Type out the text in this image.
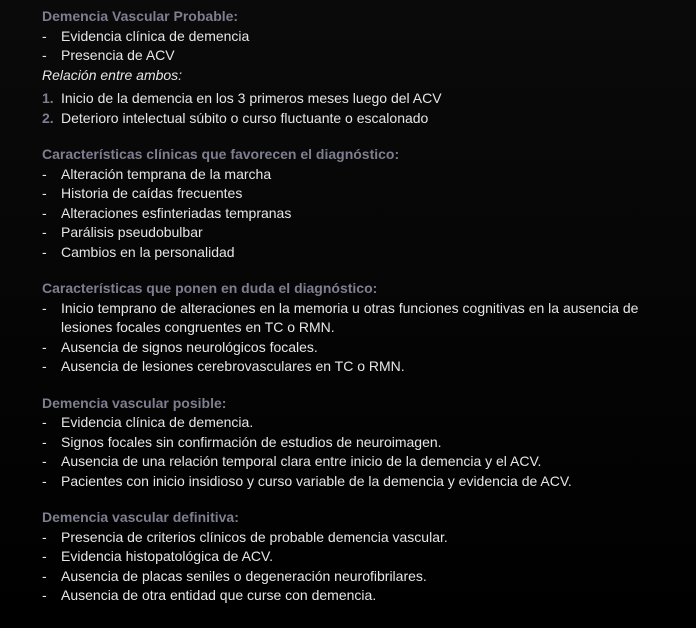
Demencia Vascular Probable:
- Evidencia clínica de demencia
- Presencia de ACV
Relación entre ambos:
1. Inicio de la demencia en los 3 primeros meses luego del ACV
2. Deterioro intelectual súbito o curso fluctuante o escalonado
Características clínicas que favorecen el diagnóstico:
- Alteración temprana de la marcha
- Historia de caídas frecuentes
- Alteraciones esfinteriadas tempranas
- Parálisis pseudobulbar
- Cambios en la personalidad
Características que ponen en duda el diagnóstico:
- Inicio temprano de alteraciones en la memoria u otras funciones cognitivas en la ausencia de lesiones focales congruentes en TC o RMN.
- Ausencia de signos neurológicos focales.
- Ausencia de lesiones cerebrovasculares en TC o RMN.
Demencia vascular posible:
- Evidencia clínica de demencia.
- Signos focales sin confirmación de estudios de neuroimagen.
- Ausencia de una relación temporal clara entre inicio de la demencia y el ACV.
- Pacientes con inicio insidioso y curso variable de la demencia y evidencia de ACV.
Demencia vascular definitiva:
- Presencia de criterios clínicos de probable demencia vascular.
- Evidencia histopatológica de ACV.
- Ausencia de placas seniles o degeneración neurofibrilares.
- Ausencia de otra entidad que curse con demencia.
